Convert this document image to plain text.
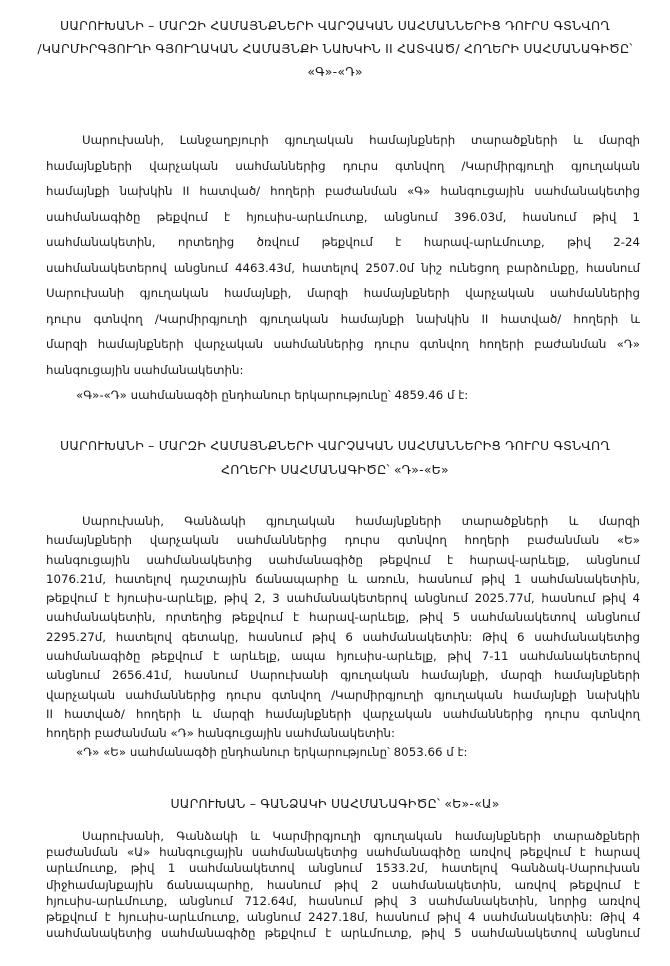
ՍԱՐՈՒԽԱՆԻ – ՄԱՐԶԻ ՀԱՄԱՅՆՔՆԵՐԻ ՎԱՐՉԱԿԱՆ ՍԱՀՄԱՆՆԵՐԻՑ ԴՈՒՐՍ ԳՏՆՎՈՂ
/ԿԱՐՄԻՐԳՅՈՒՂԻ ԳՅՈՒՂԱԿԱՆ ՀԱՄԱՅՆՔԻ ՆԱԽԿԻՆ II ՀԱՏՎԱԾ/ ՀՈՂԵՐԻ ՍԱՀՄԱՆԱԳԻԾԸ՝
«Գ»-«Դ»
Սարուխանի, Լանջաղբյուրի գյուղական համայնքների տարածքների և մարզի
համայնքների վարչական սահմաններից դուրս գտնվող /Կարմիրգյուղի գյուղական
համայնքի նախկին II հատված/ հողերի բաժանման «Գ» հանգուցային սահմանակետից
սահմանագիծը թեքվում է հյուսիս-արևմուտք, անցնում 396.03մ, հասնում թիվ 1
սահմանակետին, որտեղից ծռվում թեքվում է հարավ-արևմուտք, թիվ 2-24
սահմանակետերով անցնում 4463.43մ, հատելով 2507.0մ նիշ ունեցող բարձունքը, հասնում
Սարուխանի գյուղական համայնքի, մարզի համայնքների վարչական սահմաններից
դուրս գտնվող /Կարմիրգյուղի գյուղական համայնքի նախկին II հատված/ հողերի և
մարզի համայնքների վարչական սահմաններից դուրս գտնվող հողերի բաժանման «Դ»
հանգուցային սահմանակետին:
«Գ»-«Դ» սահմանագծի ընդհանուր երկարությունը՝ 4859.46 մ է:
ՍԱՐՈՒԽԱՆԻ – ՄԱՐԶԻ ՀԱՄԱՅՆՔՆԵՐԻ ՎԱՐՉԱԿԱՆ ՍԱՀՄԱՆՆԵՐԻՑ ԴՈՒՐՍ ԳՏՆՎՈՂ
ՀՈՂԵՐԻ ՍԱՀՄԱՆԱԳԻԾԸ՝ «Դ»-«Ե»
Սարուխանի, Գանձակի գյուղական համայնքների տարածքների և մարզի
համայնքների վարչական սահմաններից դուրս գտնվող հողերի բաժանման «Ե»
հանգուցային սահմանակետից սահմանագիծը թեքվում է հարավ-արևելք, անցնում
1076.21մ, հատելով դաշտային ճանապարհը և առուն, հասնում թիվ 1 սահմանակետին,
թեքվում է հյուսիս-արևելք, թիվ 2, 3 սահմանակետերով անցնում 2025.77մ, հասնում թիվ 4
սահմանակետին, որտեղից թեքվում է հարավ-արևելք, թիվ 5 սահմանակետով անցնում
2295.27մ, հատելով գետակը, հասնում թիվ 6 սահմանակետին: Թիվ 6 սահմանակետից
սահմանագիծը թեքվում է արևելք, ապա հյուսիս-արևելք, թիվ 7-11 սահմանակետերով
անցնում 2656.41մ, հասնում Սարուխանի գյուղական համայնքի, մարզի համայնքների
վարչական սահմաններից դուրս գտնվող /Կարմիրգյուղի գյուղական համայնքի նախկին
II հատված/ հողերի և մարզի համայնքների վարչական սահմաններից դուրս գտնվող
հողերի բաժանման «Դ» հանգուցային սահմանակետին:
«Դ» «Ե» սահմանագծի ընդհանուր երկարությունը՝ 8053.66 մ է:
ՍԱՐՈՒԽԱՆ – ԳԱՆՁԱԿԻ ՍԱՀՄԱՆԱԳԻԾԸ՝ «Ե»-«Ա»
Սարուխանի, Գանձակի և Կարմիրգյուղի գյուղական համայնքների տարածքների
բաժանման «Ա» հանգուցային սահմանակետից սահմանագիծը առվով թեքվում է հարավ
արևմուտք, թիվ 1 սահմանակետով անցնում 1533.2մ, հատելով Գանձակ-Սարուխան
միջհամայնքային ճանապարհը, հասնում թիվ 2 սահմանակետին, առվով թեքվում է
հյուսիս-արևմուտք, անցնում 712.64մ, հասնում թիվ 3 սահմանակետին, նորից առվով
թեքվում է հյուսիս-արևմուտք, անցնում 2427.18մ, հասնում թիվ 4 սահմանակետին: Թիվ 4
սահմանակետից սահմանագիծը թեքվում է արևմուտք, թիվ 5 սահմանակետով անցնում
